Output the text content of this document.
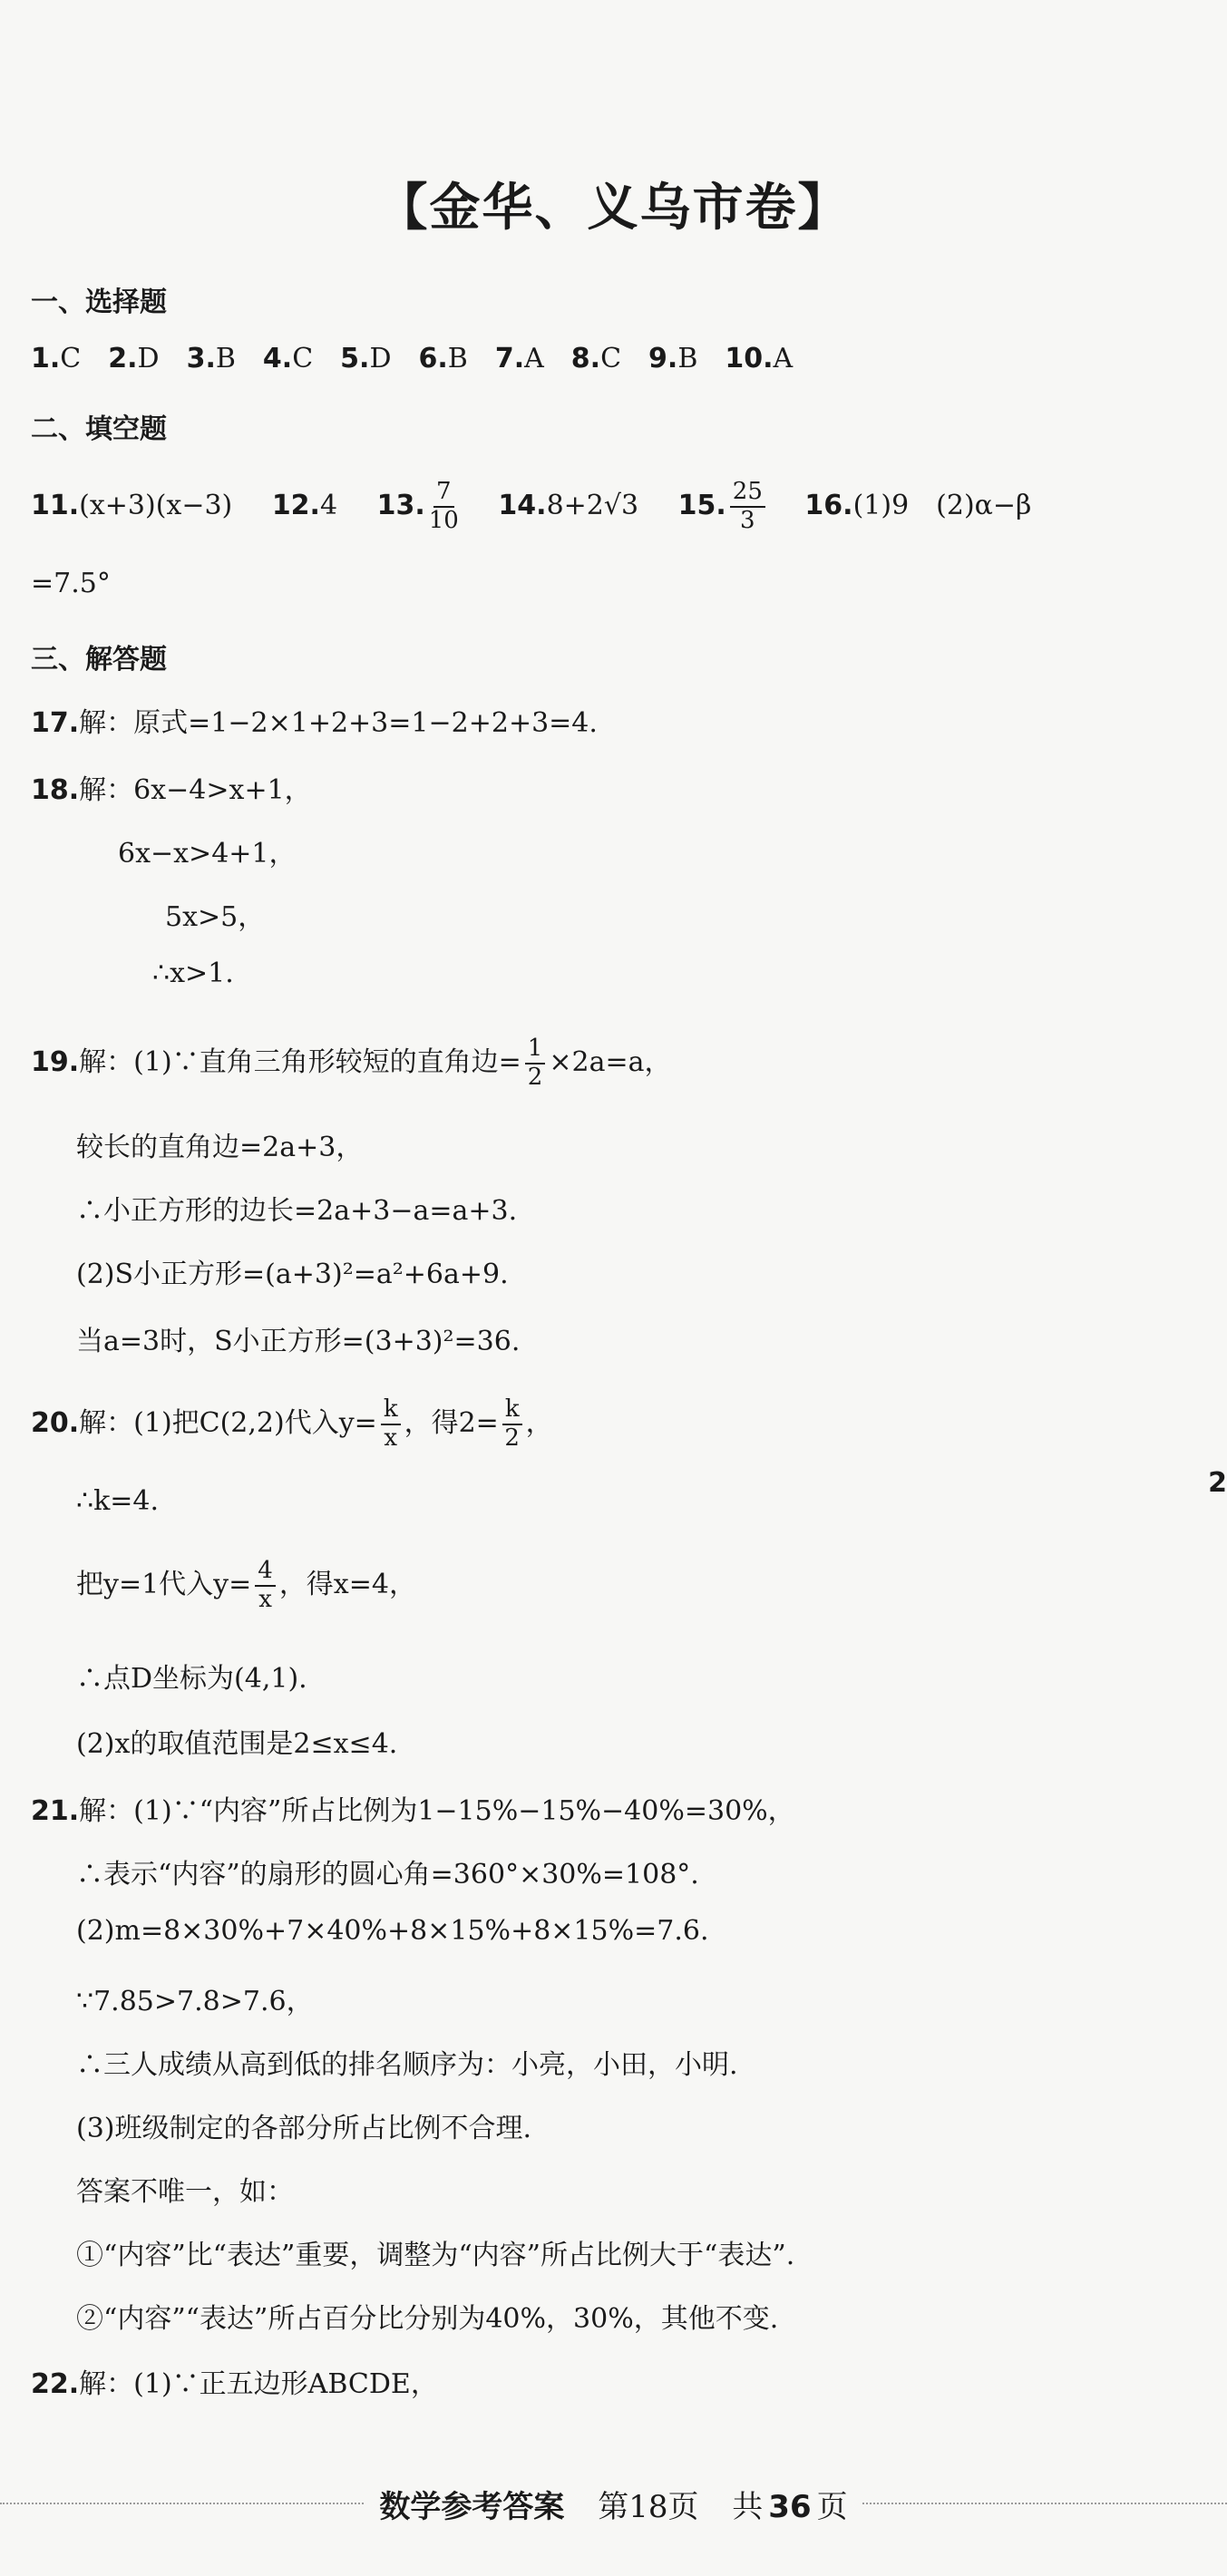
【金华、义乌市卷】
一、选择题
1.C 2.D 3.B 4.C 5.D 6.B 7.A 8.C 9.B 10.A
二、填空题
11.(x+3)(x−3) 12.4 13. $\frac{7}{10} 14.8+2√3$ 15. $\frac{25}{3} 16.(1)9$　(2)α−β
=7.5°
三、解答题
17.解：原式=1−2×1+2+3=1−2+2+3=4.
18.解：6x−4>x+1，
6x−x>4+1，
5x>5，
∴x>1.
19.解：(1)∵直角三角形较短的直角边= $\frac{1}{2} \times 2a=a$，
较长的直角边=2a+3，
∴小正方形的边长=2a+3−a=a+3.
(2)S小正方形=(a+3)²=a²+6a+9.
当a=3时，S小正方形=(3+3)²=36.
20.解：(1)把C(2,2)代入$y= \frac{k}{x}$ ，得$2= \frac{k}{2}$ ，
∴k=4.
把y=1代入$y= \frac{4}{x}$ ，得x=4，
∴点D坐标为(4,1).
(2)x的取值范围是2≤x≤4.
21.解：(1)∵“内容”所占比例为1−15%−15%−40%=30%，
∴表示“内容”的扇形的圆心角=360°×30%=108°.
(2)m=8×30%+7×40%+8×15%+8×15%=7.6.
∵7.85>7.8>7.6，
∴三人成绩从高到低的排名顺序为：小亮，小田，小明.
(3)班级制定的各部分所占比例不合理.
答案不唯一，如：
①“内容”比“表达”重要，调整为“内容”所占比例大于“表达”.
②“内容”“表达”所占百分比分别为40%，30%，其他不变.
22.解：(1)∵正五边形ABCDE，
2
数学参考答案 第18页 共 36 页
